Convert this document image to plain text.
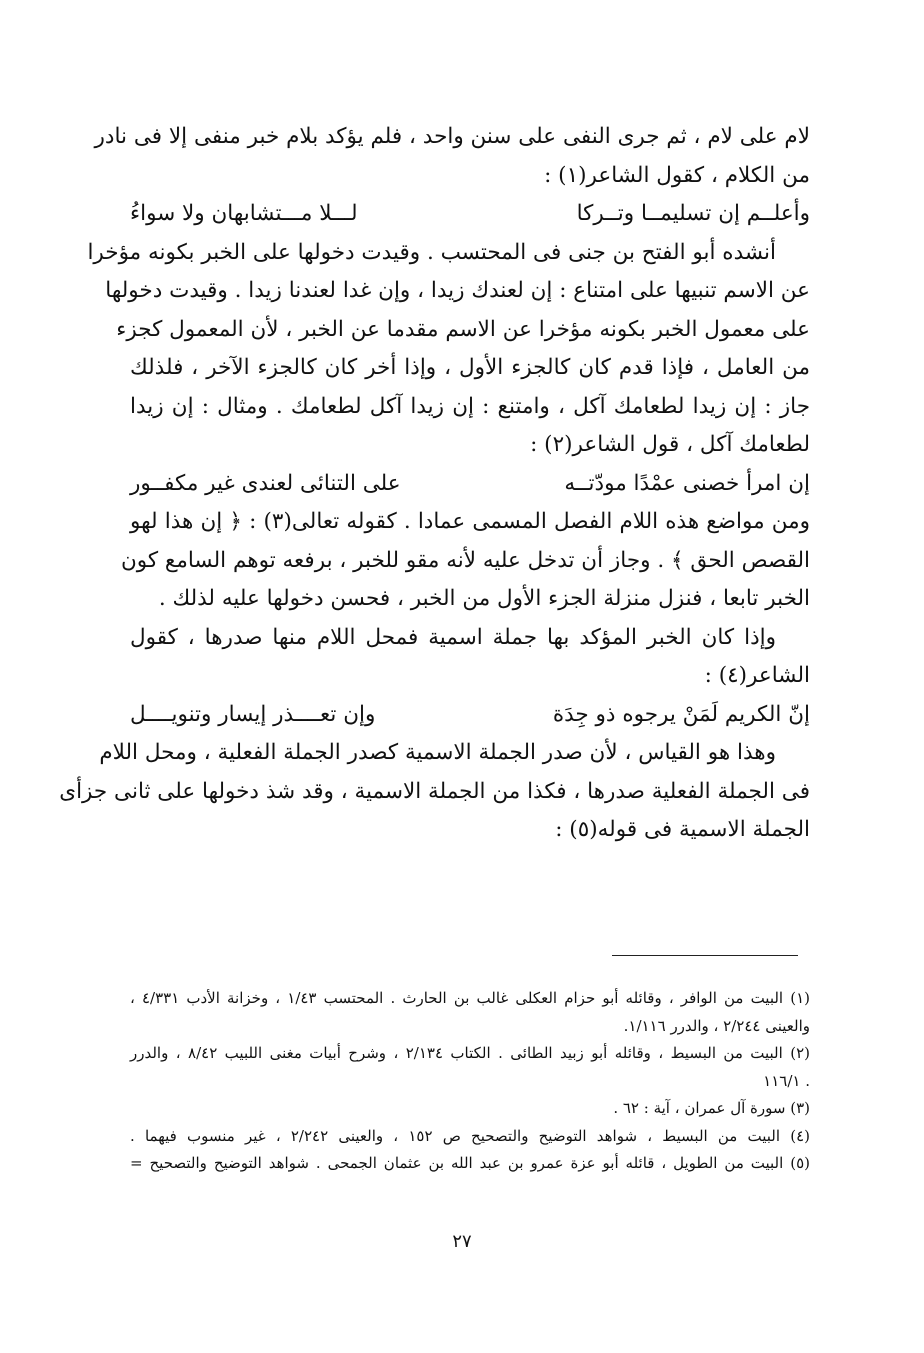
لام على لام ، ثم جرى النفى على سنن واحد ، فلم يؤكد بلام خبر منفى إلا فى نادر
من الكلام ، كقول الشاعر(١) :
وأعلــم إن تسليمــا وتــركا
لـــلا مـــتشابهان ولا سواءُ
أنشده أبو الفتح بن جنى فى المحتسب . وقيدت دخولها على الخبر بكونه مؤخرا
عن الاسم تنبيها على امتناع : إن لعندك زيدا ، وإن غدا لعندنا زيدا . وقيدت دخولها
على معمول الخبر بكونه مؤخرا عن الاسم مقدما عن الخبر ، لأن المعمول كجزء
من العامل ، فإذا قدم كان كالجزء الأول ، وإذا أخر كان كالجزء الآخر ، فلذلك
جاز : إن زيدا لطعامك آكل ، وامتنع : إن زيدا آكل لطعامك . ومثال : إن زيدا
لطعامك آكل ، قول الشاعر(٢) :
إن امرأ خصنى عمْدًا مودّتــه
على التنائى لعندى غير مكفــور
ومن مواضع هذه اللام الفصل المسمى عمادا . كقوله تعالى(٣) : ﴿ إن هذا لهو
القصص الحق ﴾ . وجاز أن تدخل عليه لأنه مقو للخبر ، برفعه توهم السامع كون
الخبر تابعا ، فنزل منزلة الجزء الأول من الخبر ، فحسن دخولها عليه لذلك .
وإذا كان الخبر المؤكد بها جملة اسمية فمحل اللام منها صدرها ، كقول
الشاعر(٤) :
إنّ الكريم لَمَنْ يرجوه ذو جِدَة
وإن تعــــذر إيسار وتنويــــل
وهذا هو القياس ، لأن صدر الجملة الاسمية كصدر الجملة الفعلية ، ومحل اللام
فى الجملة الفعلية صدرها ، فكذا من الجملة الاسمية ، وقد شذ دخولها على ثانى جزأى
الجملة الاسمية فى قوله(٥) :
(١) البيت من الوافر ، وقائله أبو حزام العكلى غالب بن الحارث . المحتسب ١/٤٣ ، وخزانة الأدب ٤/٣٣١ ،
والعينى ٢/٢٤٤ ، والدرر ١/١١٦.
(٢) البيت من البسيط ، وقائله أبو زبيد الطائى . الكتاب ٢/١٣٤ ، وشرح أبيات مغنى اللبيب ٨/٤٢ ، والدرر
. ١١٦/١
(٣) سورة آل عمران ، آية : ٦٢ .
(٤) البيت من البسيط ، شواهد التوضيح والتصحيح ص ١٥٢ ، والعينى ٢/٢٤٢ ، غير منسوب فيهما .
(٥) البيت من الطويل ، قائله أبو عزة عمرو بن عبد الله بن عثمان الجمحى . شواهد التوضيح والتصحيح =
٢٧
